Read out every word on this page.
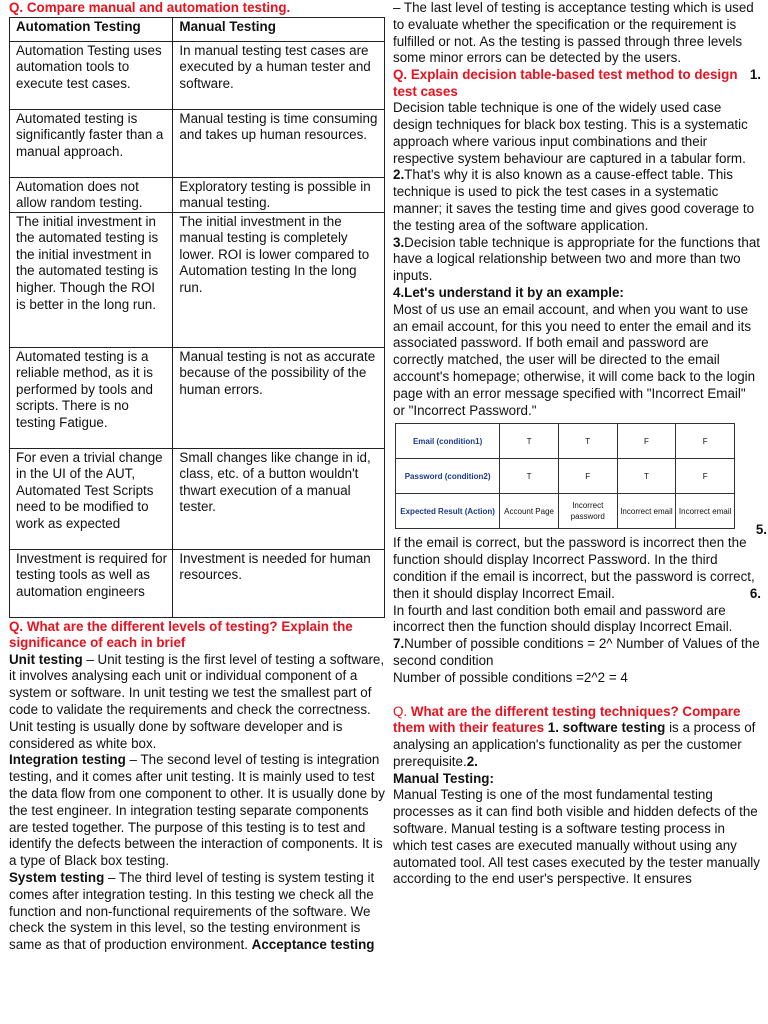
Q. Compare manual and automation testing.
Automation Testing	Manual Testing
Automation Testing uses automation tools to execute test cases.	In manual testing test cases are executed by a human tester and software.
Automated testing is significantly faster than a manual approach.	Manual testing is time consuming and takes up human resources.
Automation does not allow random testing.	Exploratory testing is possible in manual testing.
The initial investment in the automated testing is the initial investment in the automated testing is higher. Though the ROI is better in the long run.	The initial investment in the manual testing is completely lower. ROI is lower compared to Automation testing In the long run.
Automated testing is a reliable method, as it is performed by tools and scripts. There is no testing Fatigue.	Manual testing is not as accurate because of the possibility of the human errors.
For even a trivial change in the UI of the AUT, Automated Test Scripts need to be modified to work as expected	Small changes like change in id, class, etc. of a button wouldn't thwart execution of a manual tester.
Investment is required for testing tools as well as automation engineers	Investment is needed for human resources.
Q. What are the different levels of testing? Explain the significance of each in brief

Unit testing – Unit testing is the first level of testing a software, it involves analysing each unit or individual component of a system or software. In unit testing we test the smallest part of code to validate the requirements and check the correctness. Unit testing is usually done by software developer and is considered as white box.

Integration testing – The second level of testing is integration testing, and it comes after unit testing. It is mainly used to test the data flow from one component to other. It is usually done by the test engineer. In integration testing separate components are tested together. The purpose of this testing is to test and identify the defects between the interaction of components. It is a type of Black box testing.

System testing – The third level of testing is system testing it comes after integration testing. In this testing we check all the function and non-functional requirements of the software. We check the system in this level, so the testing environment is same as that of production environment. Acceptance testing

– The last level of testing is acceptance testing which is used to evaluate whether the specification or the requirement is fulfilled or not. As the testing is passed through three levels some minor errors can be detected by the users.

1.
Q. Explain decision table-based test method to design test cases

Decision table technique is one of the widely used case design techniques for black box testing. This is a systematic approach where various input combinations and their respective system behaviour are captured in a tabular form.

2.That's why it is also known as a cause-effect table. This technique is used to pick the test cases in a systematic manner; it saves the testing time and gives good coverage to the testing area of the software application.

3.Decision table technique is appropriate for the functions that have a logical relationship between two and more than two inputs.

4.Let's understand it by an example:

Most of us use an email account, and when you want to use an email account, for this you need to enter the email and its associated password. If both email and password are correctly matched, the user will be directed to the email account's homepage; otherwise, it will come back to the login page with an error message specified with "Incorrect Email" or "Incorrect Password."

Email (condition1)	T	T	F	F
Password (condition2)	T	F	T	F
Expected Result (Action)	Account Page	Incorrect password	Incorrect email	Incorrect email
5.

If the email is correct, but the password is incorrect then the function should display Incorrect Password. In the third condition if the email is incorrect, but the password is correct, then it should display Incorrect Email.	6.

In fourth and last condition both email and password are incorrect then the function should display Incorrect Email.

7.Number of possible conditions = 2^ Number of Values of the second condition

Number of possible conditions =2^2 = 4

Q. What are the different testing techniques? Compare them with their features 1. software testing is a process of analysing an application's functionality as per the customer prerequisite.2.

Manual Testing:

Manual Testing is one of the most fundamental testing processes as it can find both visible and hidden defects of the software. Manual testing is a software testing process in which test cases are executed manually without using any automated tool. All test cases executed by the tester manually according to the end user's perspective. It ensures
